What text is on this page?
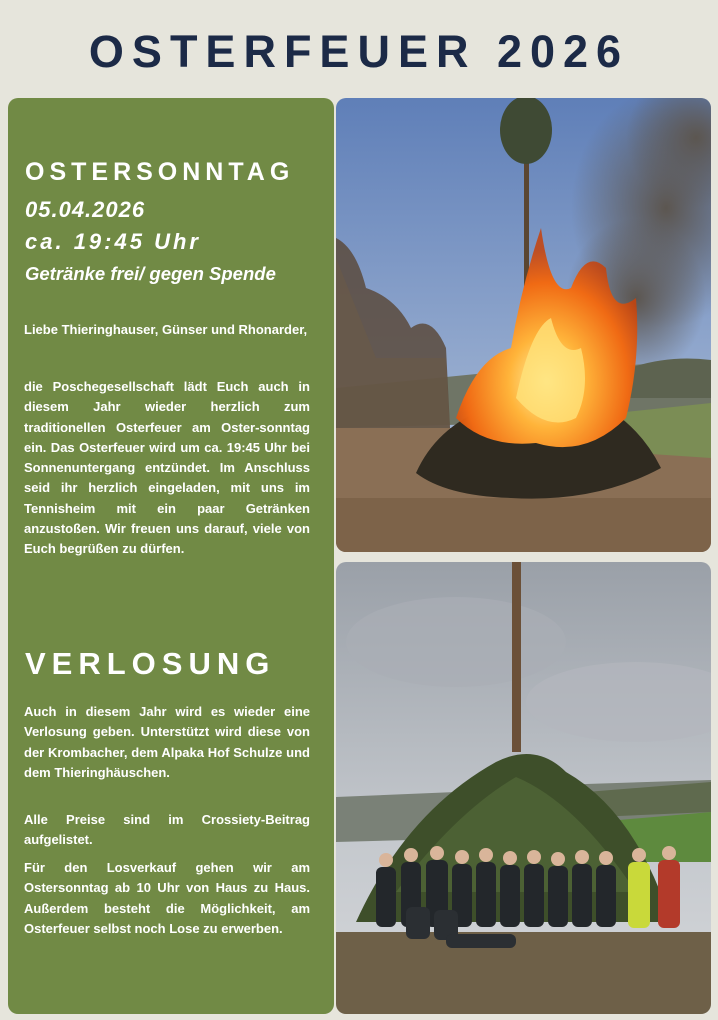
OSTERFEUER 2026
OSTERSONNTAG
05.04.2026
ca. 19:45 Uhr
Getränke frei/ gegen Spende
Liebe Thieringhauser, Günser und Rhonarder,
die Poschegesellschaft lädt Euch auch in diesem Jahr wieder herzlich zum traditionellen Osterfeuer am Oster-sonntag ein. Das Osterfeuer wird um ca. 19:45 Uhr bei Sonnenuntergang entzündet. Im Anschluss seid ihr herzlich eingeladen, mit uns im Tennisheim mit ein paar Getränken anzustoßen. Wir freuen uns darauf, viele von Euch begrüßen zu dürfen.
VERLOSUNG
Auch in diesem Jahr wird es wieder eine Verlosung geben. Unterstützt wird diese von der Krombacher, dem Alpaka Hof Schulze und dem Thieringhäuschen.
Alle Preise sind im Crossiety-Beitrag aufgelistet.
Für den Losverkauf gehen wir am Ostersonntag ab 10 Uhr von Haus zu Haus. Außerdem besteht die Möglichkeit, am Osterfeuer selbst noch Lose zu erwerben.
